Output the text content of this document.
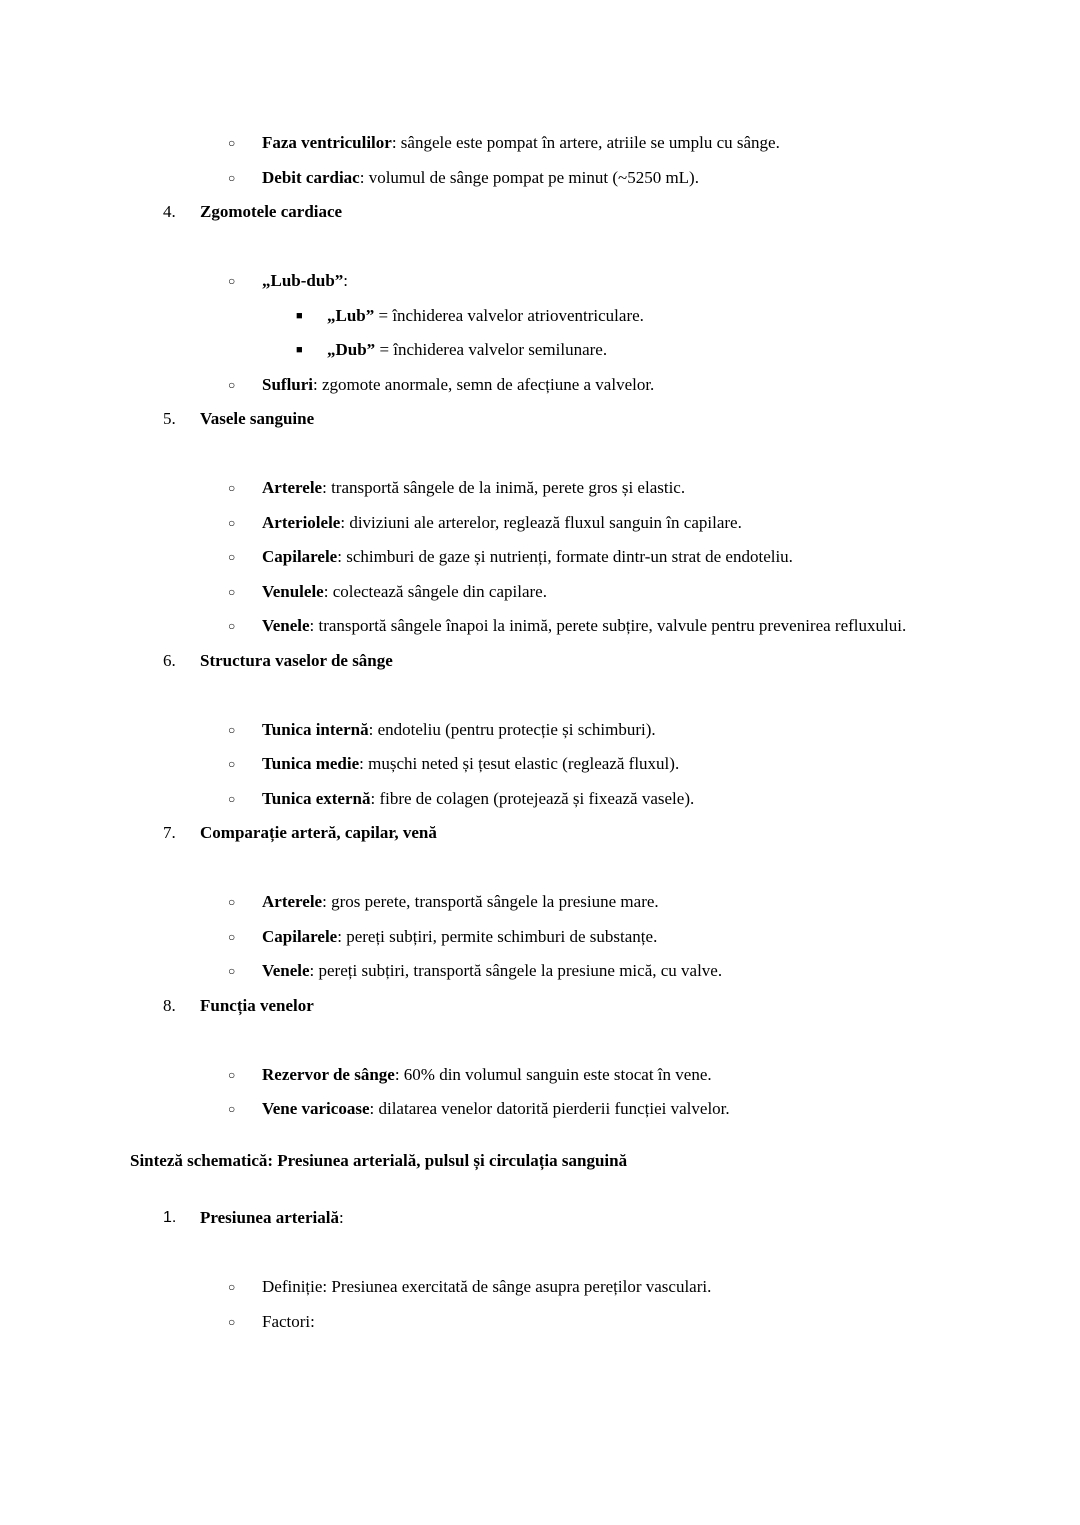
○ Faza ventriculilor: sângele este pompat în artere, atriile se umplu cu sânge.
○ Debit cardiac: volumul de sânge pompat pe minut (~5250 mL).
4. Zgomotele cardiace
○ „Lub-dub”:
■ „Lub” = închiderea valvelor atrioventriculare.
■ „Dub” = închiderea valvelor semilunare.
○ Sufluri: zgomote anormale, semn de afecțiune a valvelor.
5. Vasele sanguine
○ Arterele: transportă sângele de la inimă, perete gros și elastic.
○ Arteriolele: diviziuni ale arterelor, reglează fluxul sanguin în capilare.
○ Capilarele: schimburi de gaze și nutrienți, formate dintr-un strat de endoteliu.
○ Venulele: colectează sângele din capilare.
○ Venele: transportă sângele înapoi la inimă, perete subțire, valvule pentru prevenirea refluxului.
6. Structura vaselor de sânge
○ Tunica internă: endoteliu (pentru protecție și schimburi).
○ Tunica medie: mușchi neted și țesut elastic (reglează fluxul).
○ Tunica externă: fibre de colagen (protejează și fixează vasele).
7. Comparație arteră, capilar, venă
○ Arterele: gros perete, transportă sângele la presiune mare.
○ Capilarele: pereți subțiri, permite schimburi de substanțe.
○ Venele: pereți subțiri, transportă sângele la presiune mică, cu valve.
8. Funcția venelor
○ Rezervor de sânge: 60% din volumul sanguin este stocat în vene.
○ Vene varicoase: dilatarea venelor datorită pierderii funcției valvelor.
Sinteză schematică: Presiunea arterială, pulsul și circulația sanguină
1. Presiunea arterială:
○ Definiție: Presiunea exercitată de sânge asupra pereților vasculari.
○ Factori:
